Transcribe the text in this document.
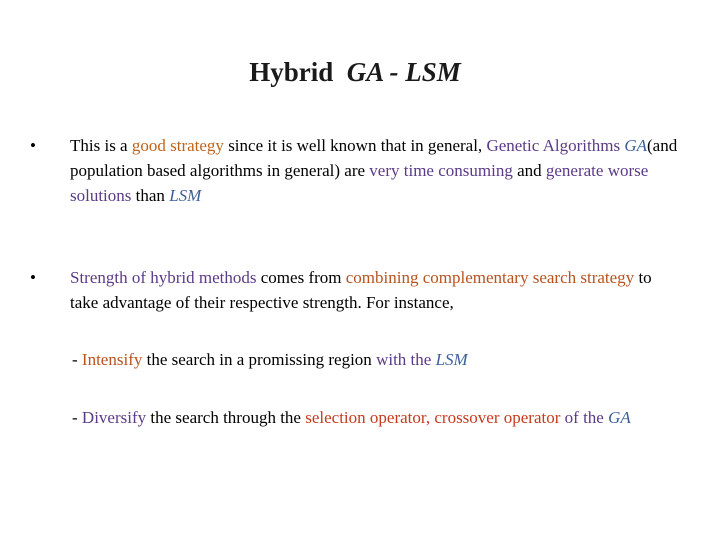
Hybrid GA - LSM
• This is a good strategy since it is well known that in general, Genetic Algorithms GA(and population based algorithms in general) are very time consuming and generate worse solutions than LSM
• Strength of hybrid methods comes from combining complementary search strategy to take advantage of their respective strength. For instance,
- Intensify the search in a promissing region with the LSM
- Diversify the search through the selection operator, crossover operator of the GA
